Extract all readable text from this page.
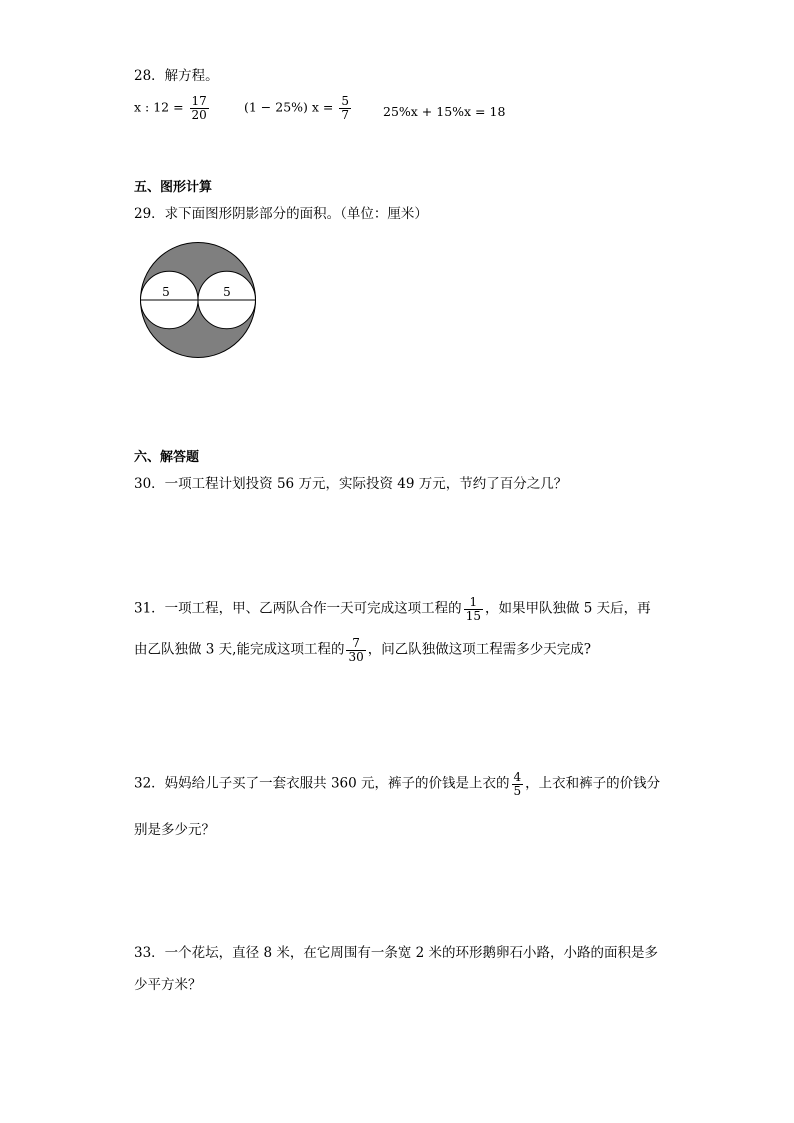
28．解方程。
x : $12 = \frac{17}{20}$	(1 − 25%) $x = \frac{5}{7}$	25%x + 15%x = 18
五、图形计算
29．求下面图形阴影部分的面积。（单位：厘米）
5	5
六、解答题
30．一项工程计划投资 56 万元，实际投资 49 万元，节约了百分之几？
31．一项工程，甲、乙两队合作一天可完成这项工程的 $\frac{1}{15}$ ，如果甲队独做 5 天后，再
由乙队独做 3 天,能完成这项工程的 $\frac{7}{30}$ ，问乙队独做这项工程需多少天完成?
32．妈妈给儿子买了一套衣服共 360 元，裤子的价钱是上衣的 $\frac{4}{5}$ ，上衣和裤子的价钱分
别是多少元？
33．一个花坛，直径 8 米，在它周围有一条宽 2 米的环形鹅卵石小路，小路的面积是多
少平方米？
